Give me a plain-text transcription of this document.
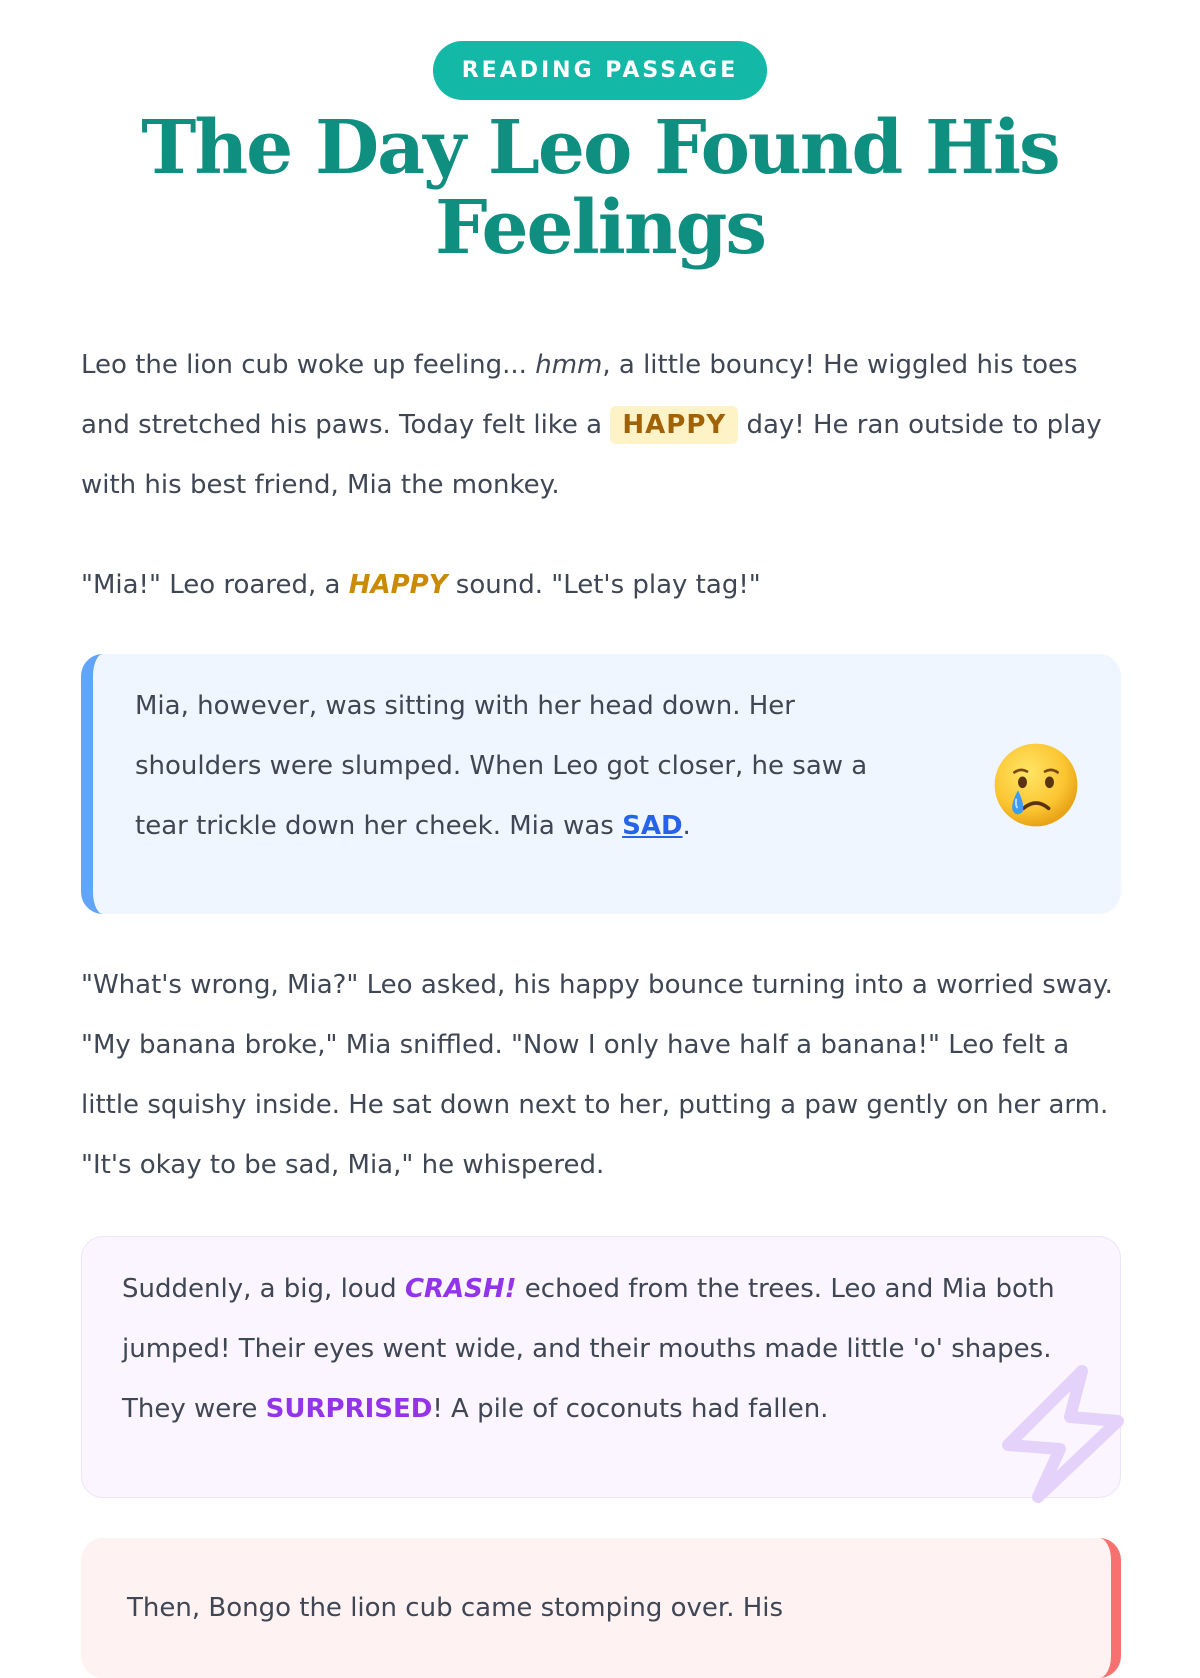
READING PASSAGE
The Day Leo Found His Feelings

Leo the lion cub woke up feeling... hmm, a little bouncy! He wiggled his toes and stretched his paws. Today felt like a HAPPY day! He ran outside to play with his best friend, Mia the monkey.

"Mia!" Leo roared, a HAPPY sound. "Let's play tag!"

Mia, however, was sitting with her head down. Her shoulders were slumped. When Leo got closer, he saw a tear trickle down her cheek. Mia was SAD.

"What's wrong, Mia?" Leo asked, his happy bounce turning into a worried sway. "My banana broke," Mia sniffled. "Now I only have half a banana!" Leo felt a little squishy inside. He sat down next to her, putting a paw gently on her arm. "It's okay to be sad, Mia," he whispered.

Suddenly, a big, loud CRASH! echoed from the trees. Leo and Mia both jumped! Their eyes went wide, and their mouths made little 'o' shapes. They were SURPRISED! A pile of coconuts had fallen.

Then, Bongo the lion cub came stomping over. His
